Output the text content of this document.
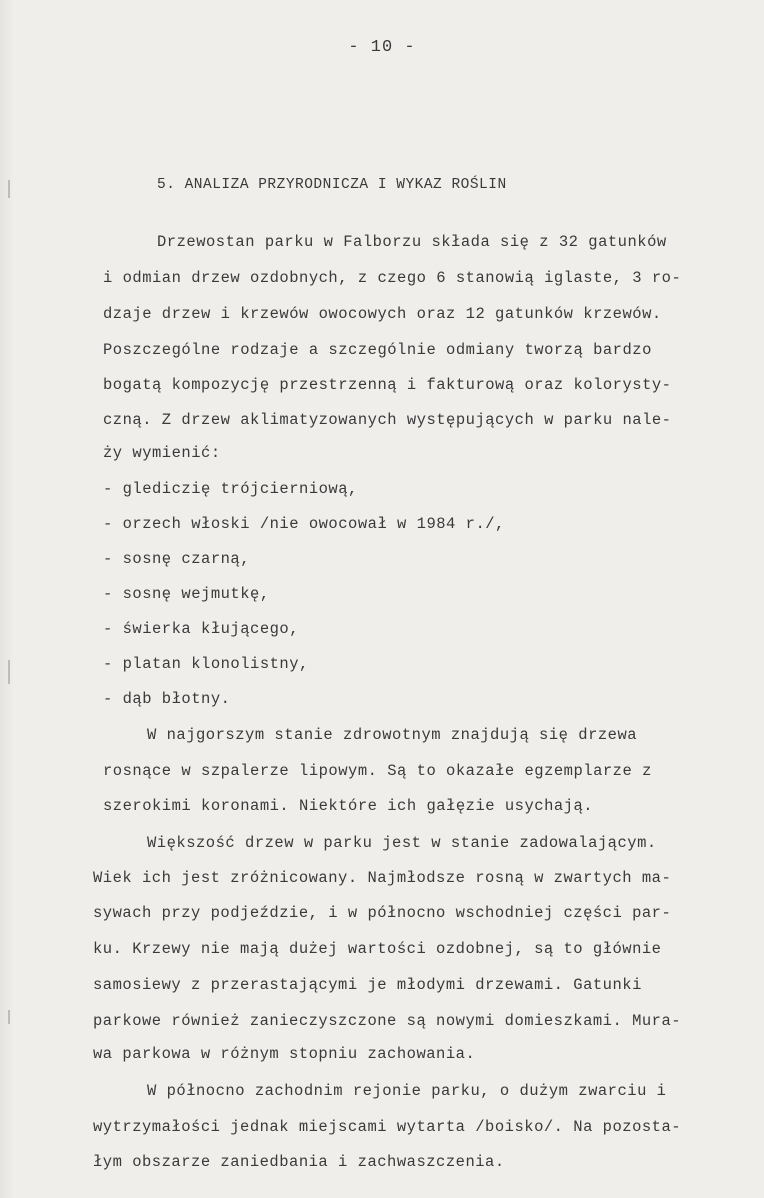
- 10 -
5. ANALIZA PRZYRODNICZA I WYKAZ ROŚLIN
Drzewostan parku w Falborzu składa się z 32 gatunków
i odmian drzew ozdobnych, z czego 6 stanowią iglaste, 3 ro-
dzaje drzew i krzewów owocowych oraz 12 gatunków krzewów.
Poszczególne rodzaje a szczególnie odmiany tworzą bardzo
bogatą kompozycję przestrzenną i fakturową oraz kolorysty-
czną. Z drzew aklimatyzowanych występujących w parku nale-
ży wymienić:
- glediczię trójcierniową,
- orzech włoski /nie owocował w 1984 r./,
- sosnę czarną,
- sosnę wejmutkę,
- świerka kłującego,
- platan klonolistny,
- dąb błotny.
W najgorszym stanie zdrowotnym znajdują się drzewa
rosnące w szpalerze lipowym. Są to okazałe egzemplarze z
szerokimi koronami. Niektóre ich gałęzie usychają.
Większość drzew w parku jest w stanie zadowalającym.
Wiek ich jest zróżnicowany. Najmłodsze rosną w zwartych ma-
sywach przy podjeździe, i w północno wschodniej części par-
ku. Krzewy nie mają dużej wartości ozdobnej, są to głównie
samosiewy z przerastającymi je młodymi drzewami. Gatunki
parkowe również zanieczyszczone są nowymi domieszkami. Mura-
wa parkowa w różnym stopniu zachowania.
W północno zachodnim rejonie parku, o dużym zwarciu i
wytrzymałości jednak miejscami wytarta /boisko/. Na pozosta-
łym obszarze zaniedbania i zachwaszczenia.
